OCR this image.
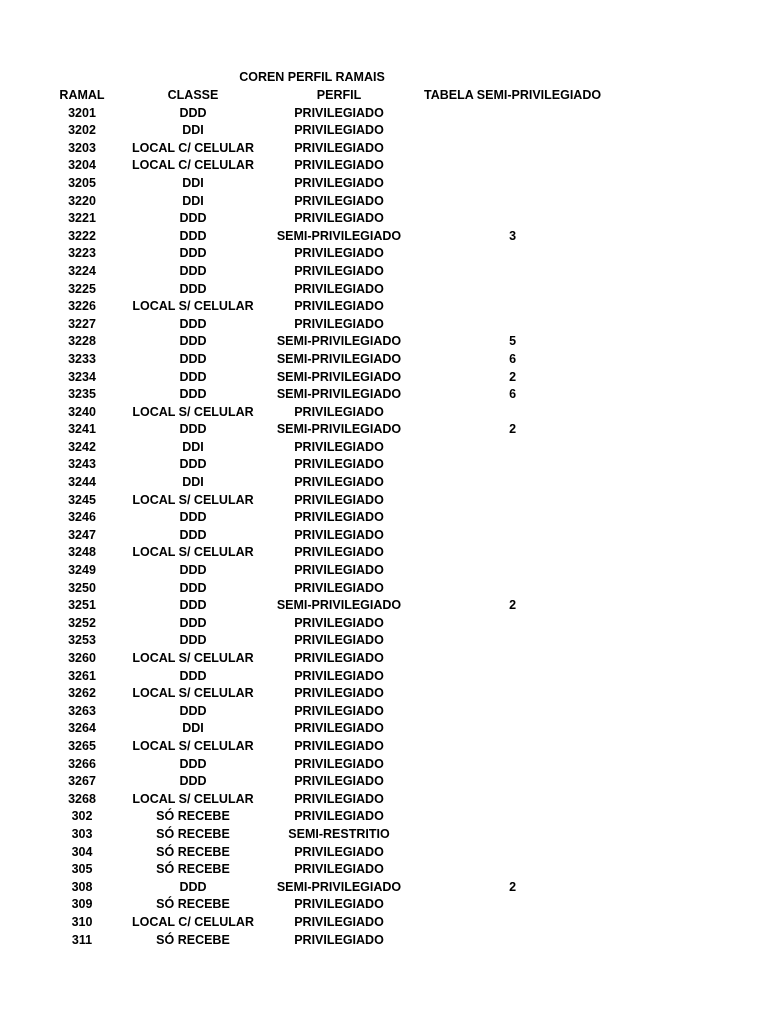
COREN PERFIL RAMAIS
RAMAL	CLASSE	PERFIL	TABELA SEMI-PRIVILEGIADO
3201	DDD	PRIVILEGIADO	
3202	DDI	PRIVILEGIADO	
3203	LOCAL C/ CELULAR	PRIVILEGIADO	
3204	LOCAL C/ CELULAR	PRIVILEGIADO	
3205	DDI	PRIVILEGIADO	
3220	DDI	PRIVILEGIADO	
3221	DDD	PRIVILEGIADO	
3222	DDD	SEMI-PRIVILEGIADO	3
3223	DDD	PRIVILEGIADO	
3224	DDD	PRIVILEGIADO	
3225	DDD	PRIVILEGIADO	
3226	LOCAL S/ CELULAR	PRIVILEGIADO	
3227	DDD	PRIVILEGIADO	
3228	DDD	SEMI-PRIVILEGIADO	5
3233	DDD	SEMI-PRIVILEGIADO	6
3234	DDD	SEMI-PRIVILEGIADO	2
3235	DDD	SEMI-PRIVILEGIADO	6
3240	LOCAL S/ CELULAR	PRIVILEGIADO	
3241	DDD	SEMI-PRIVILEGIADO	2
3242	DDI	PRIVILEGIADO	
3243	DDD	PRIVILEGIADO	
3244	DDI	PRIVILEGIADO	
3245	LOCAL S/ CELULAR	PRIVILEGIADO	
3246	DDD	PRIVILEGIADO	
3247	DDD	PRIVILEGIADO	
3248	LOCAL S/ CELULAR	PRIVILEGIADO	
3249	DDD	PRIVILEGIADO	
3250	DDD	PRIVILEGIADO	
3251	DDD	SEMI-PRIVILEGIADO	2
3252	DDD	PRIVILEGIADO	
3253	DDD	PRIVILEGIADO	
3260	LOCAL S/ CELULAR	PRIVILEGIADO	
3261	DDD	PRIVILEGIADO	
3262	LOCAL S/ CELULAR	PRIVILEGIADO	
3263	DDD	PRIVILEGIADO	
3264	DDI	PRIVILEGIADO	
3265	LOCAL S/ CELULAR	PRIVILEGIADO	
3266	DDD	PRIVILEGIADO	
3267	DDD	PRIVILEGIADO	
3268	LOCAL S/ CELULAR	PRIVILEGIADO	
302	SÓ RECEBE	PRIVILEGIADO	
303	SÓ RECEBE	SEMI-RESTRITIO	
304	SÓ RECEBE	PRIVILEGIADO	
305	SÓ RECEBE	PRIVILEGIADO	
308	DDD	SEMI-PRIVILEGIADO	2
309	SÓ RECEBE	PRIVILEGIADO	
310	LOCAL C/ CELULAR	PRIVILEGIADO	
311	SÓ RECEBE	PRIVILEGIADO	
